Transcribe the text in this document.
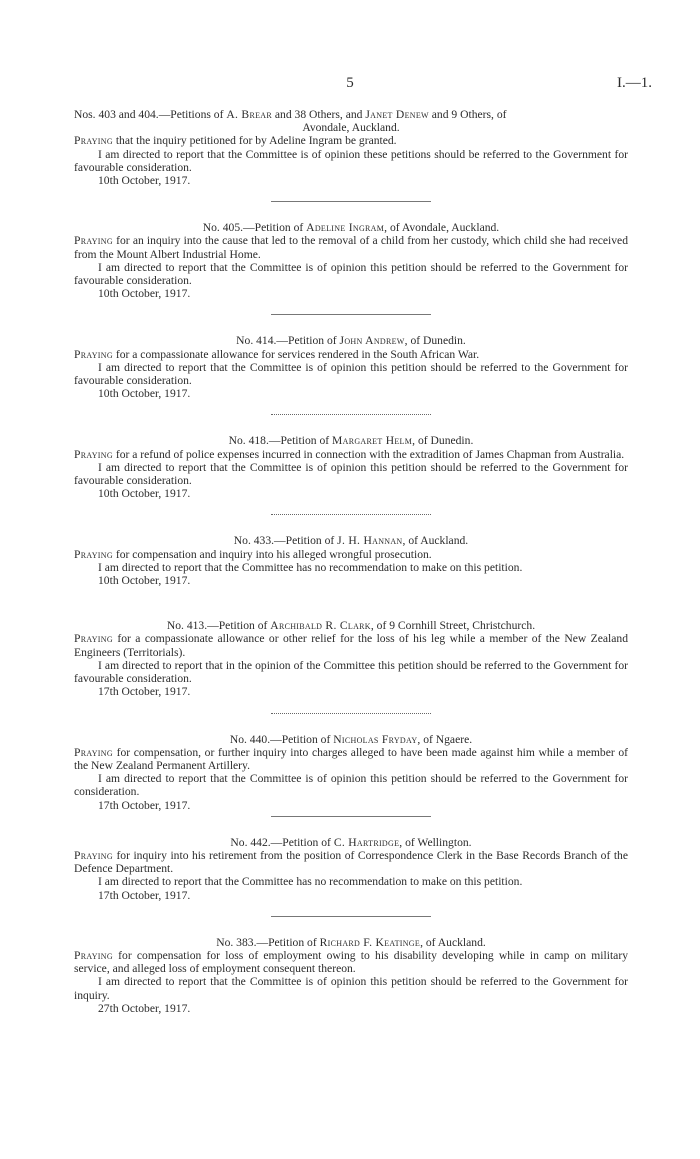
5	I.—1.

Nos. 403 and 404.—Petitions of A. Brear and 38 Others, and Janet Denew and 9 Others, of

Avondale, Auckland.

Praying that the inquiry petitioned for by Adeline Ingram be granted.

I am directed to report that the Committee is of opinion these petitions should be referred to the Government for favourable consideration.

10th October, 1917.

No. 405.—Petition of Adeline Ingram, of Avondale, Auckland.

Praying for an inquiry into the cause that led to the removal of a child from her custody, which child she had received from the Mount Albert Industrial Home.

I am directed to report that the Committee is of opinion this petition should be referred to the Government for favourable consideration.

10th October, 1917.

No. 414.—Petition of John Andrew, of Dunedin.

Praying for a compassionate allowance for services rendered in the South African War.

I am directed to report that the Committee is of opinion this petition should be referred to the Government for favourable consideration.

10th October, 1917.

No. 418.—Petition of Margaret Helm, of Dunedin.

Praying for a refund of police expenses incurred in connection with the extradition of James Chapman from Australia.

I am directed to report that the Committee is of opinion this petition should be referred to the Government for favourable consideration.

10th October, 1917.

No. 433.—Petition of J. H. Hannan, of Auckland.

Praying for compensation and inquiry into his alleged wrongful prosecution.

I am directed to report that the Committee has no recommendation to make on this petition.

10th October, 1917.

No. 413.—Petition of Archibald R. Clark, of 9 Cornhill Street, Christchurch.

Praying for a compassionate allowance or other relief for the loss of his leg while a member of the New Zealand Engineers (Territorials).

I am directed to report that in the opinion of the Committee this petition should be referred to the Government for favourable consideration.

17th October, 1917.

No. 440.—Petition of Nicholas Fryday, of Ngaere.

Praying for compensation, or further inquiry into charges alleged to have been made against him while a member of the New Zealand Permanent Artillery.

I am directed to report that the Committee is of opinion this petition should be referred to the Government for consideration.

17th October, 1917.

No. 442.—Petition of C. Hartridge, of Wellington.

Praying for inquiry into his retirement from the position of Correspondence Clerk in the Base Records Branch of the Defence Department.

I am directed to report that the Committee has no recommendation to make on this petition.

17th October, 1917.

No. 383.—Petition of Richard F. Keatinge, of Auckland.

Praying for compensation for loss of employment owing to his disability developing while in camp on military service, and alleged loss of employment consequent thereon.

I am directed to report that the Committee is of opinion this petition should be referred to the Government for inquiry.

27th October, 1917.
